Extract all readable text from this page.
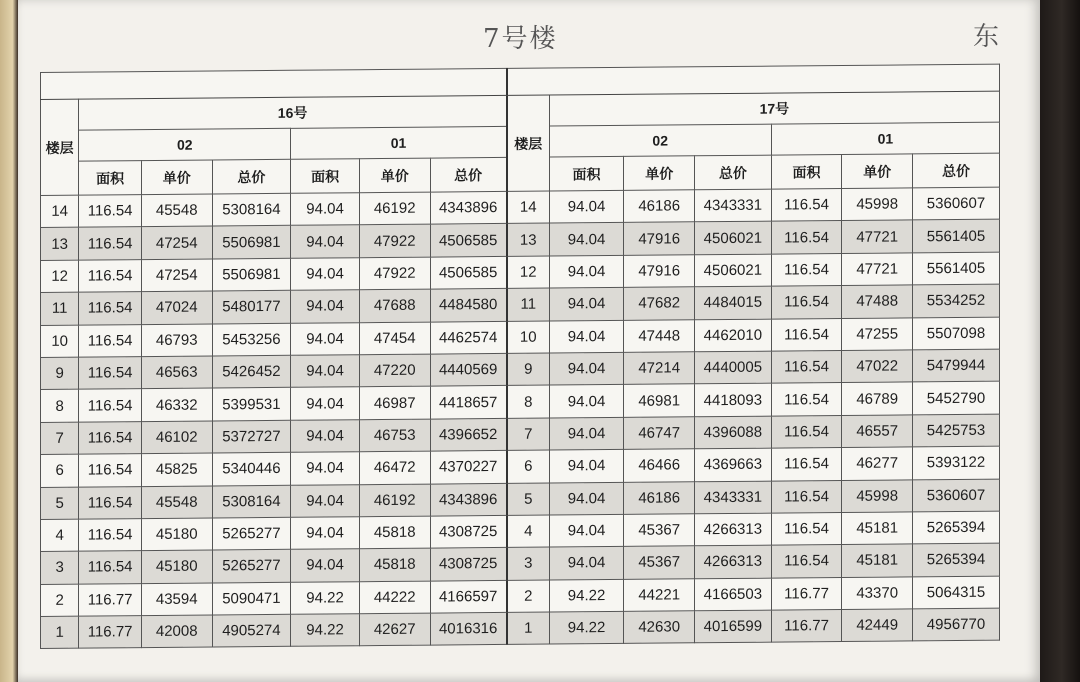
7号楼	东

楼层	16号						楼层	17号					
	02			01				02			01		
	面积	单价	总价	面积	单价	总价		面积	单价	总价	面积	单价	总价
14	116.54	45548	5308164	94.04	46192	4343896	14	94.04	46186	4343331	116.54	45998	5360607
13	116.54	47254	5506981	94.04	47922	4506585	13	94.04	47916	4506021	116.54	47721	5561405
12	116.54	47254	5506981	94.04	47922	4506585	12	94.04	47916	4506021	116.54	47721	5561405
11	116.54	47024	5480177	94.04	47688	4484580	11	94.04	47682	4484015	116.54	47488	5534252
10	116.54	46793	5453256	94.04	47454	4462574	10	94.04	47448	4462010	116.54	47255	5507098
9	116.54	46563	5426452	94.04	47220	4440569	9	94.04	47214	4440005	116.54	47022	5479944
8	116.54	46332	5399531	94.04	46987	4418657	8	94.04	46981	4418093	116.54	46789	5452790
7	116.54	46102	5372727	94.04	46753	4396652	7	94.04	46747	4396088	116.54	46557	5425753
6	116.54	45825	5340446	94.04	46472	4370227	6	94.04	46466	4369663	116.54	46277	5393122
5	116.54	45548	5308164	94.04	46192	4343896	5	94.04	46186	4343331	116.54	45998	5360607
4	116.54	45180	5265277	94.04	45818	4308725	4	94.04	45367	4266313	116.54	45181	5265394
3	116.54	45180	5265277	94.04	45818	4308725	3	94.04	45367	4266313	116.54	45181	5265394
2	116.77	43594	5090471	94.22	44222	4166597	2	94.22	44221	4166503	116.77	43370	5064315
1	116.77	42008	4905274	94.22	42627	4016316	1	94.22	42630	4016599	116.77	42449	4956770
